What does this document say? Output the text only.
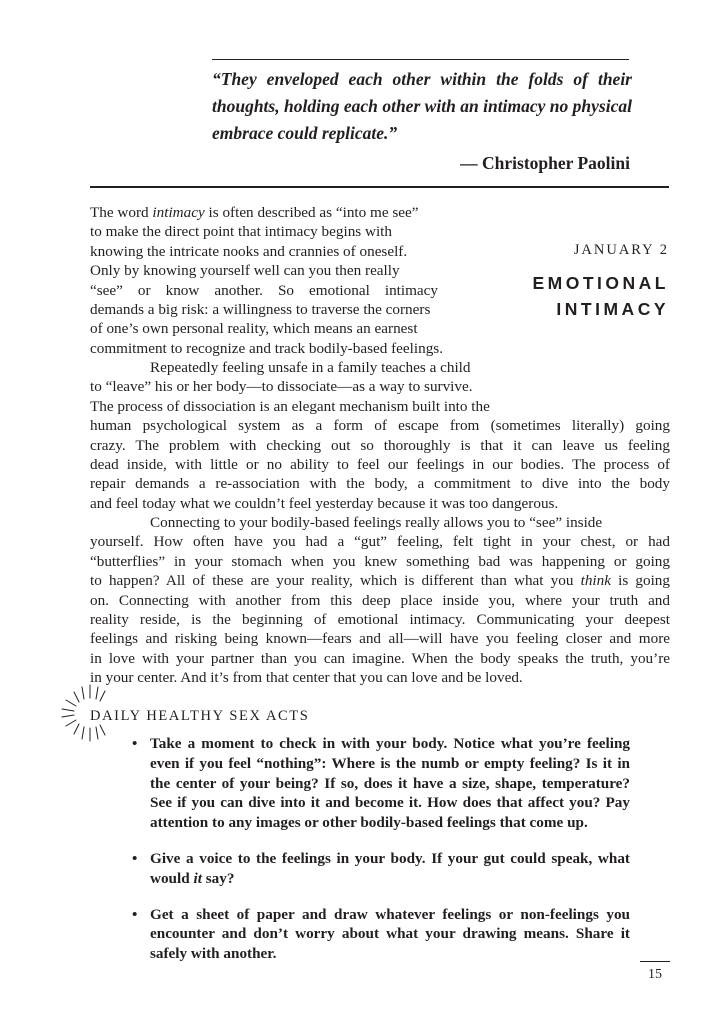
“They enveloped each other within the folds of their thoughts, holding each other with an intimacy no physical embrace could replicate.”
— Christopher Paolini
JANUARY 2
EMOTIONAL
INTIMACY
The word intimacy is often described as “into me see”
to make the direct point that intimacy begins with
knowing the intricate nooks and crannies of oneself.
Only by knowing yourself well can you then really
“see” or know another. So emotional intimacy
demands a big risk: a willingness to traverse the corners
of one’s own personal reality, which means an earnest
commitment to recognize and track bodily-based feelings.
Repeatedly feeling unsafe in a family teaches a child
to “leave” his or her body—to dissociate—as a way to survive.
The process of dissociation is an elegant mechanism built into the
human psychological system as a form of escape from (sometimes literally) going
crazy. The problem with checking out so thoroughly is that it can leave us feeling
dead inside, with little or no ability to feel our feelings in our bodies. The process of
repair demands a re-association with the body, a commitment to dive into the body
and feel today what we couldn’t feel yesterday because it was too dangerous.
Connecting to your bodily-based feelings really allows you to “see” inside
yourself. How often have you had a “gut” feeling, felt tight in your chest, or had
“butterflies” in your stomach when you knew something bad was happening or going
to happen? All of these are your reality, which is different than what you think is going
on. Connecting with another from this deep place inside you, where your truth and
reality reside, is the beginning of emotional intimacy. Communicating your deepest
feelings and risking being known—fears and all—will have you feeling closer and more
in love with your partner than you can imagine. When the body speaks the truth, you’re
in your center. And it’s from that center that you can love and be loved.
DAILY HEALTHY SEX ACTS
• Take a moment to check in with your body. Notice what you’re feeling even if you feel “nothing”: Where is the numb or empty feeling? Is it in the center of your being? If so, does it have a size, shape, temperature? See if you can dive into it and become it. How does that affect you? Pay attention to any images or other bodily-based feelings that come up.
• Give a voice to the feelings in your body. If your gut could speak, what would it say?
• Get a sheet of paper and draw whatever feelings or non-feelings you encounter and don’t worry about what your drawing means. Share it safely with another.
15
